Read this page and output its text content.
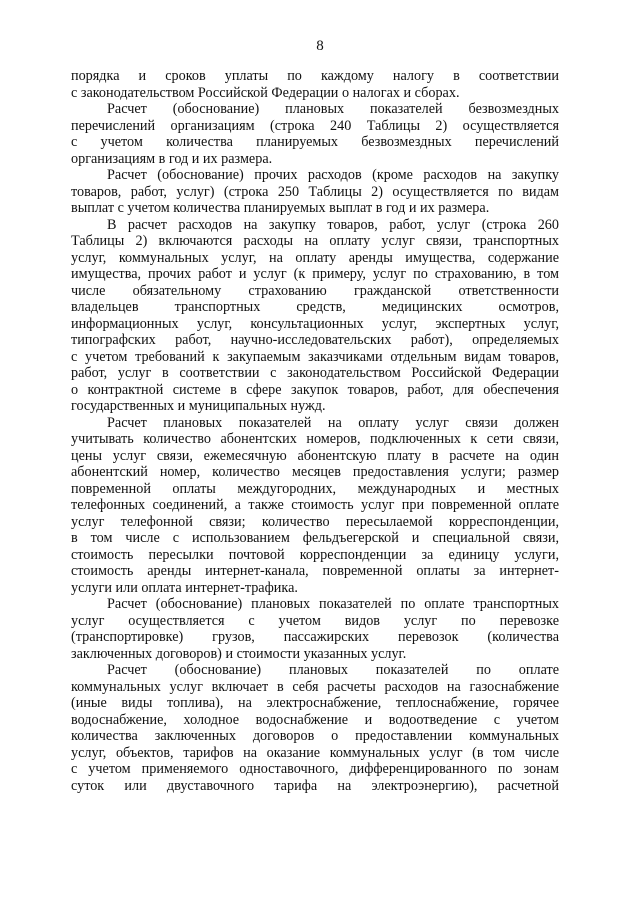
8
порядка и сроков уплаты по каждому налогу в соответствии
с законодательством Российской Федерации о налогах и сборах.
Расчет (обоснование) плановых показателей безвозмездных
перечислений организациям (строка 240 Таблицы 2) осуществляется
с учетом количества планируемых безвозмездных перечислений
организациям в год и их размера.
Расчет (обоснование) прочих расходов (кроме расходов на закупку
товаров, работ, услуг) (строка 250 Таблицы 2) осуществляется по видам
выплат с учетом количества планируемых выплат в год и их размера.
В расчет расходов на закупку товаров, работ, услуг (строка 260
Таблицы 2) включаются расходы на оплату услуг связи, транспортных
услуг, коммунальных услуг, на оплату аренды имущества, содержание
имущества, прочих работ и услуг (к примеру, услуг по страхованию, в том
числе обязательному страхованию гражданской ответственности
владельцев транспортных средств, медицинских осмотров,
информационных услуг, консультационных услуг, экспертных услуг,
типографских работ, научно-исследовательских работ), определяемых
с учетом требований к закупаемым заказчиками отдельным видам товаров,
работ, услуг в соответствии с законодательством Российской Федерации
о контрактной системе в сфере закупок товаров, работ, для обеспечения
государственных и муниципальных нужд.
Расчет плановых показателей на оплату услуг связи должен
учитывать количество абонентских номеров, подключенных к сети связи,
цены услуг связи, ежемесячную абонентскую плату в расчете на один
абонентский номер, количество месяцев предоставления услуги; размер
повременной оплаты междугородних, международных и местных
телефонных соединений, а также стоимость услуг при повременной оплате
услуг телефонной связи; количество пересылаемой корреспонденции,
в том числе с использованием фельдъегерской и специальной связи,
стоимость пересылки почтовой корреспонденции за единицу услуги,
стоимость аренды интернет-канала, повременной оплаты за интернет-
услуги или оплата интернет-трафика.
Расчет (обоснование) плановых показателей по оплате транспортных
услуг осуществляется с учетом видов услуг по перевозке
(транспортировке) грузов, пассажирских перевозок (количества
заключенных договоров) и стоимости указанных услуг.
Расчет (обоснование) плановых показателей по оплате
коммунальных услуг включает в себя расчеты расходов на газоснабжение
(иные виды топлива), на электроснабжение, теплоснабжение, горячее
водоснабжение, холодное водоснабжение и водоотведение с учетом
количества заключенных договоров о предоставлении коммунальных
услуг, объектов, тарифов на оказание коммунальных услуг (в том числе
с учетом применяемого одноставочного, дифференцированного по зонам
суток или двуставочного тарифа на электроэнергию), расчетной
